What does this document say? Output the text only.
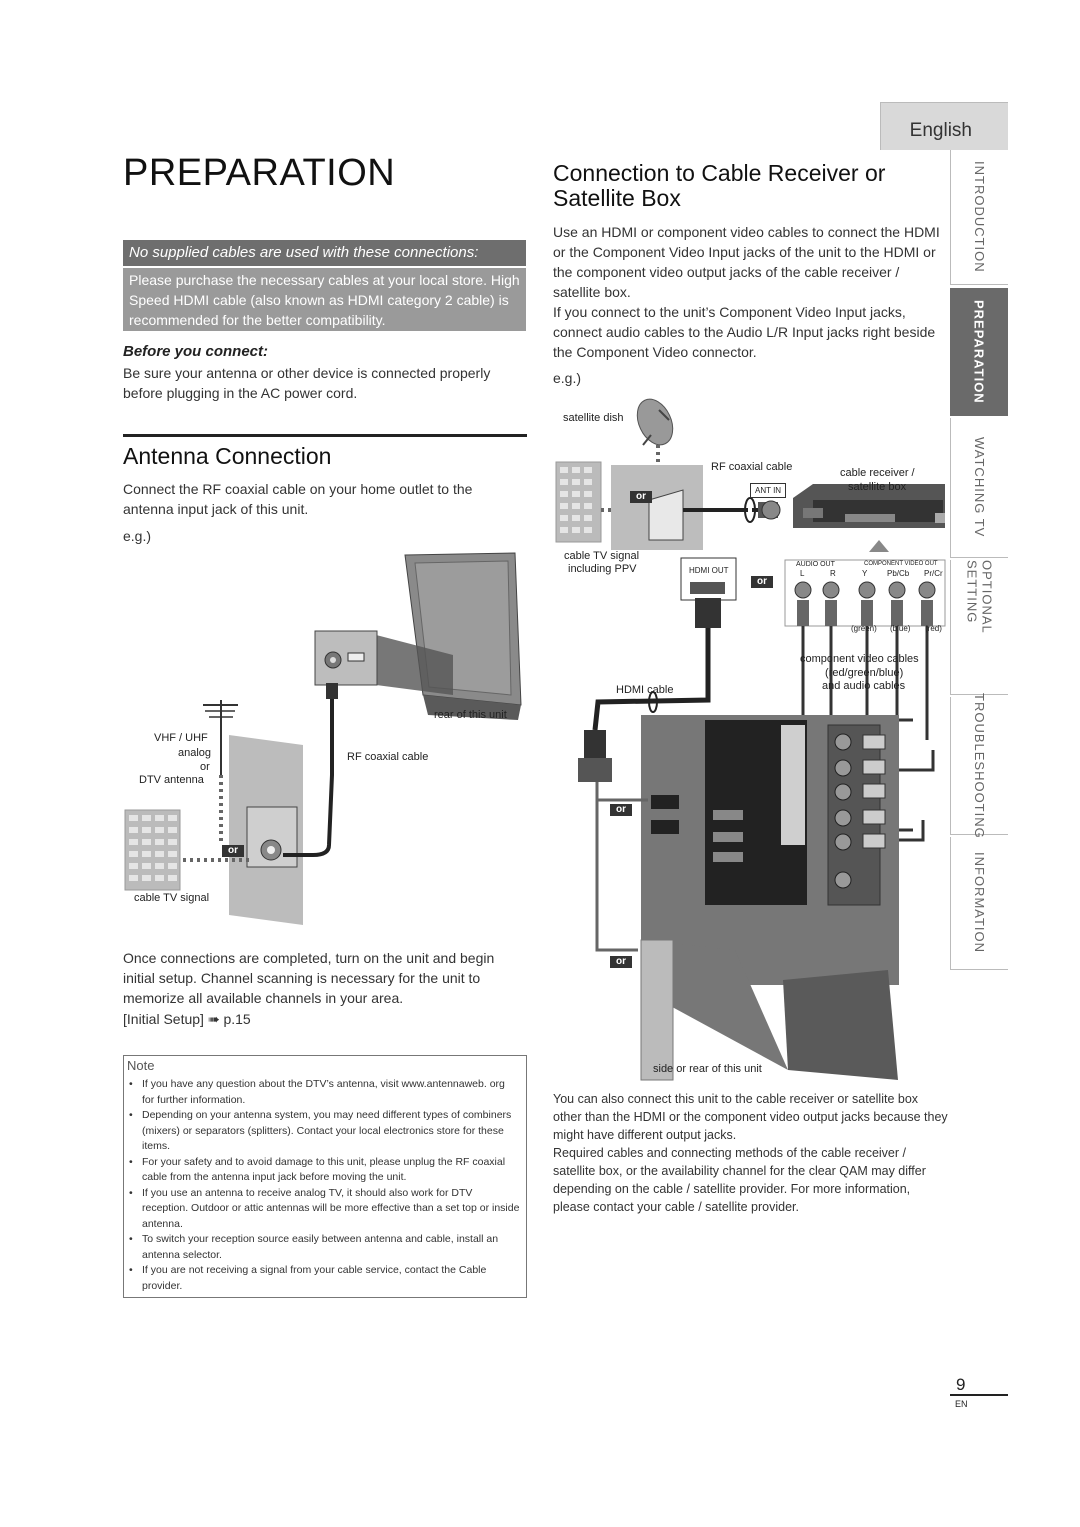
English
PREPARATION
No supplied cables are used with these connections:
Please purchase the necessary cables at your local store. High Speed HDMI cable (also known as HDMI category 2 cable) is recommended for the better compatibility.
Before you connect:
Be sure your antenna or other device is connected properly before plugging in the AC power cord.
Antenna Connection
Connect the RF coaxial cable on your home outlet to the antenna input jack of this unit.
e.g.)
rear of this unit
VHF / UHF
analog
or
DTV antenna
RF coaxial cable
or
cable TV signal
Once connections are completed, turn on the unit and begin initial setup. Channel scanning is necessary for the unit to memorize all available channels in your area.
[Initial Setup] ➠ p.15
Note
• If you have any question about the DTV’s antenna, visit www.antennaweb. org for further information.
• Depending on your antenna system, you may need different types of combiners (mixers) or separators (splitters). Contact your local electronics store for these items.
• For your safety and to avoid damage to this unit, please unplug the RF coaxial cable from the antenna input jack before moving the unit.
• If you use an antenna to receive analog TV, it should also work for DTV reception. Outdoor or attic antennas will be more effective than a set top or inside antenna.
• To switch your reception source easily between antenna and cable, install an antenna selector.
• If you are not receiving a signal from your cable service, contact the Cable provider.
Connection to Cable Receiver or
Satellite Box
Use an HDMI or component video cables to connect the HDMI or the Component Video Input jacks of the unit to the HDMI or the component video output jacks of the cable receiver / satellite box.
If you connect to the unit’s Component Video Input jacks, connect audio cables to the Audio L/R Input jacks right beside the Component Video connector.
e.g.)
satellite dish
RF coaxial cable	cable receiver /
satellite box
ANT IN
or
cable TV signal
including PPV	HDMI OUT
or
AUDIO OUT	COMPONENT VIDEO OUT
L	R	Y Pb/Cb Pr/Cr
(green) (blue) (red)
component video cables
(red/green/blue)
and audio cables
HDMI cable
or
or
side or rear of this unit
You can also connect this unit to the cable receiver or satellite box other than the HDMI or the component video output jacks because they might have different output jacks.
Required cables and connecting methods of the cable receiver / satellite box, or the availability channel for the clear QAM may differ depending on the cable / satellite provider. For more information, please contact your cable / satellite provider.
INTRODUCTION
PREPARATION
WATCHING TV
OPTIONAL SETTING
TROUBLESHOOTING
INFORMATION
9
EN
